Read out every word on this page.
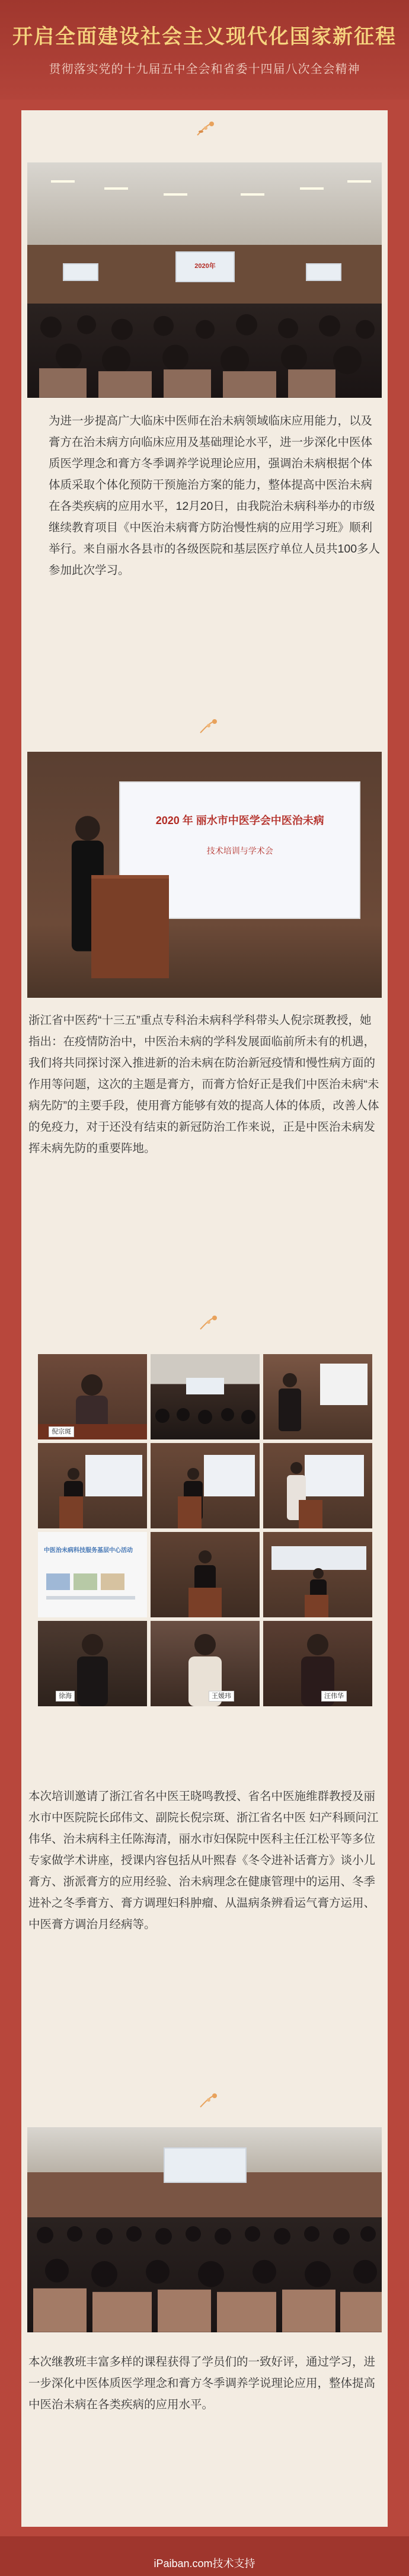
开启全面建设社会主义现代化国家新征程
贯彻落实党的十九届五中全会和省委十四届八次全会精神
2020年
为进一步提高广大临床中医师在治未病领域临床应用能力，以及膏方在治未病方向临床应用及基础理论水平，进一步深化中医体质医学理念和膏方冬季调养学说理论应用，强调治未病根据个体体质采取个体化预防干预施治方案的能力，整体提高中医治未病在各类疾病的应用水平，12月20日，由我院治未病科举办的市级继续教育项目《中医治未病膏方防治慢性病的应用学习班》顺利举行。来自丽水各县市的各级医院和基层医疗单位人员共100多人参加此次学习。
2020 年 丽水市中医学会中医治未病
技术培训与学术会
浙江省中医药“十三五”重点专科治未病科学科带头人倪宗斑教授，她指出：在疫情防治中，中医治未病的学科发展面临前所未有的机遇，我们将共同探讨深入推进新的治未病在防治新冠疫情和慢性病方面的作用等问题，这次的主题是膏方，而膏方恰好正是我们中医治未病“未病先防”的主要手段，使用膏方能够有效的提高人体的体质，改善人体的免疫力，对于还没有结束的新冠防治工作来说，正是中医治未病发挥未病先防的重要阵地。
倪宗斑
中医治未病科技服务基层中心活动
徐海	王媛玮	汪伟华
本次培训邀请了浙江省名中医王晓鸣教授、省名中医施维群教授及丽水市中医院院长邱伟文、副院长倪宗斑、浙江省名中医 妇产科顾问江伟华、治未病科主任陈海清，丽水市妇保院中医科主任江松平等多位专家做学术讲座，授课内容包括从叶熙春《冬令进补话膏方》谈小儿膏方、浙派膏方的应用经验、治未病理念在健康管理中的运用、冬季进补之冬季膏方、膏方调理妇科肿瘤、从温病条辨看运气膏方运用、中医膏方调治月经病等。
本次继教班丰富多样的课程获得了学员们的一致好评，通过学习，进一步深化中医体质医学理念和膏方冬季调养学说理论应用，整体提高中医治未病在各类疾病的应用水平。
iPaiban.com技术支持
